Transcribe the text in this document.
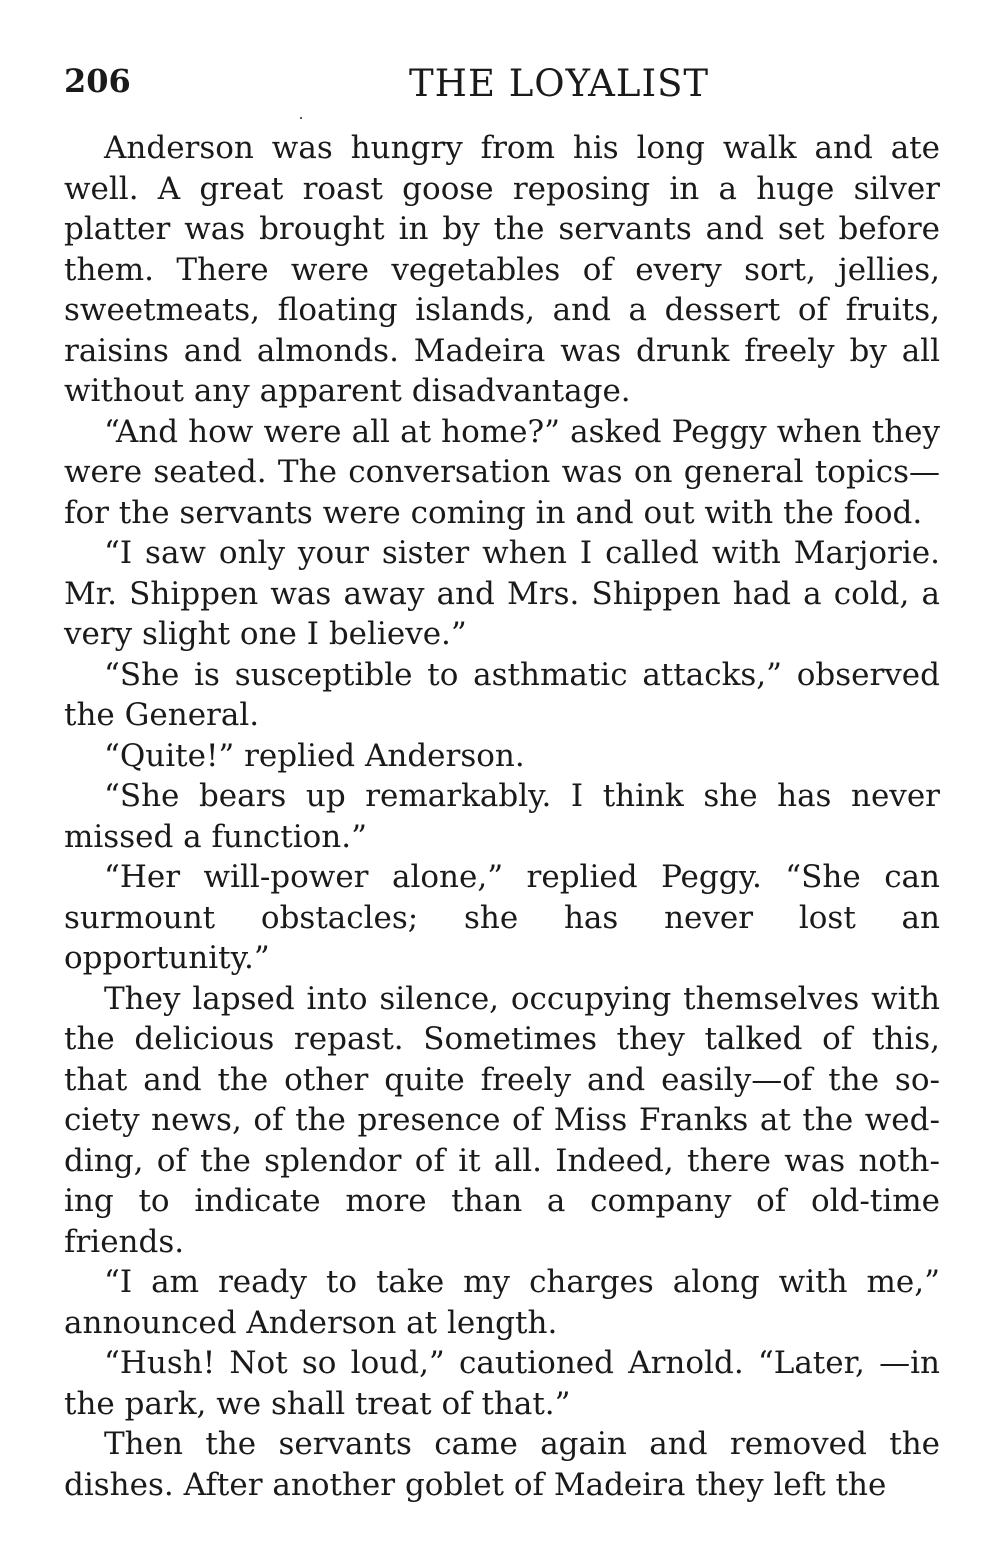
206	THE LOYALIST

Anderson was hungry from his long walk and ate well. A great roast goose reposing in a huge silver platter was brought in by the servants and set before them. There were vegetables of every sort, jellies, sweetmeats, floating islands, and a dessert of fruits, raisins and almonds. Madeira was drunk freely by all without any apparent disadvantage.

“And how were all at home?” asked Peggy when they were seated. The conversation was on general topics—for the servants were coming in and out with the food.

“I saw only your sister when I called with Marjorie. Mr. Shippen was away and Mrs. Shippen had a cold, a very slight one I believe.”

“She is susceptible to asthmatic attacks,” observed the General.

“Quite!” replied Anderson.

“She bears up remarkably. I think she has never missed a function.”

“Her will-power alone,” replied Peggy. “She can surmount obstacles; she has never lost an opportunity.”

They lapsed into silence, occupying themselves with the delicious repast. Sometimes they talked of this, that and the other quite freely and easily—of the society news, of the presence of Miss Franks at the wedding, of the splendor of it all. Indeed, there was nothing to indicate more than a company of old-time friends.

“I am ready to take my charges along with me,” announced Anderson at length.

“Hush! Not so loud,” cautioned Arnold. “Later, —in the park, we shall treat of that.”

Then the servants came again and removed the dishes. After another goblet of Madeira they left the
